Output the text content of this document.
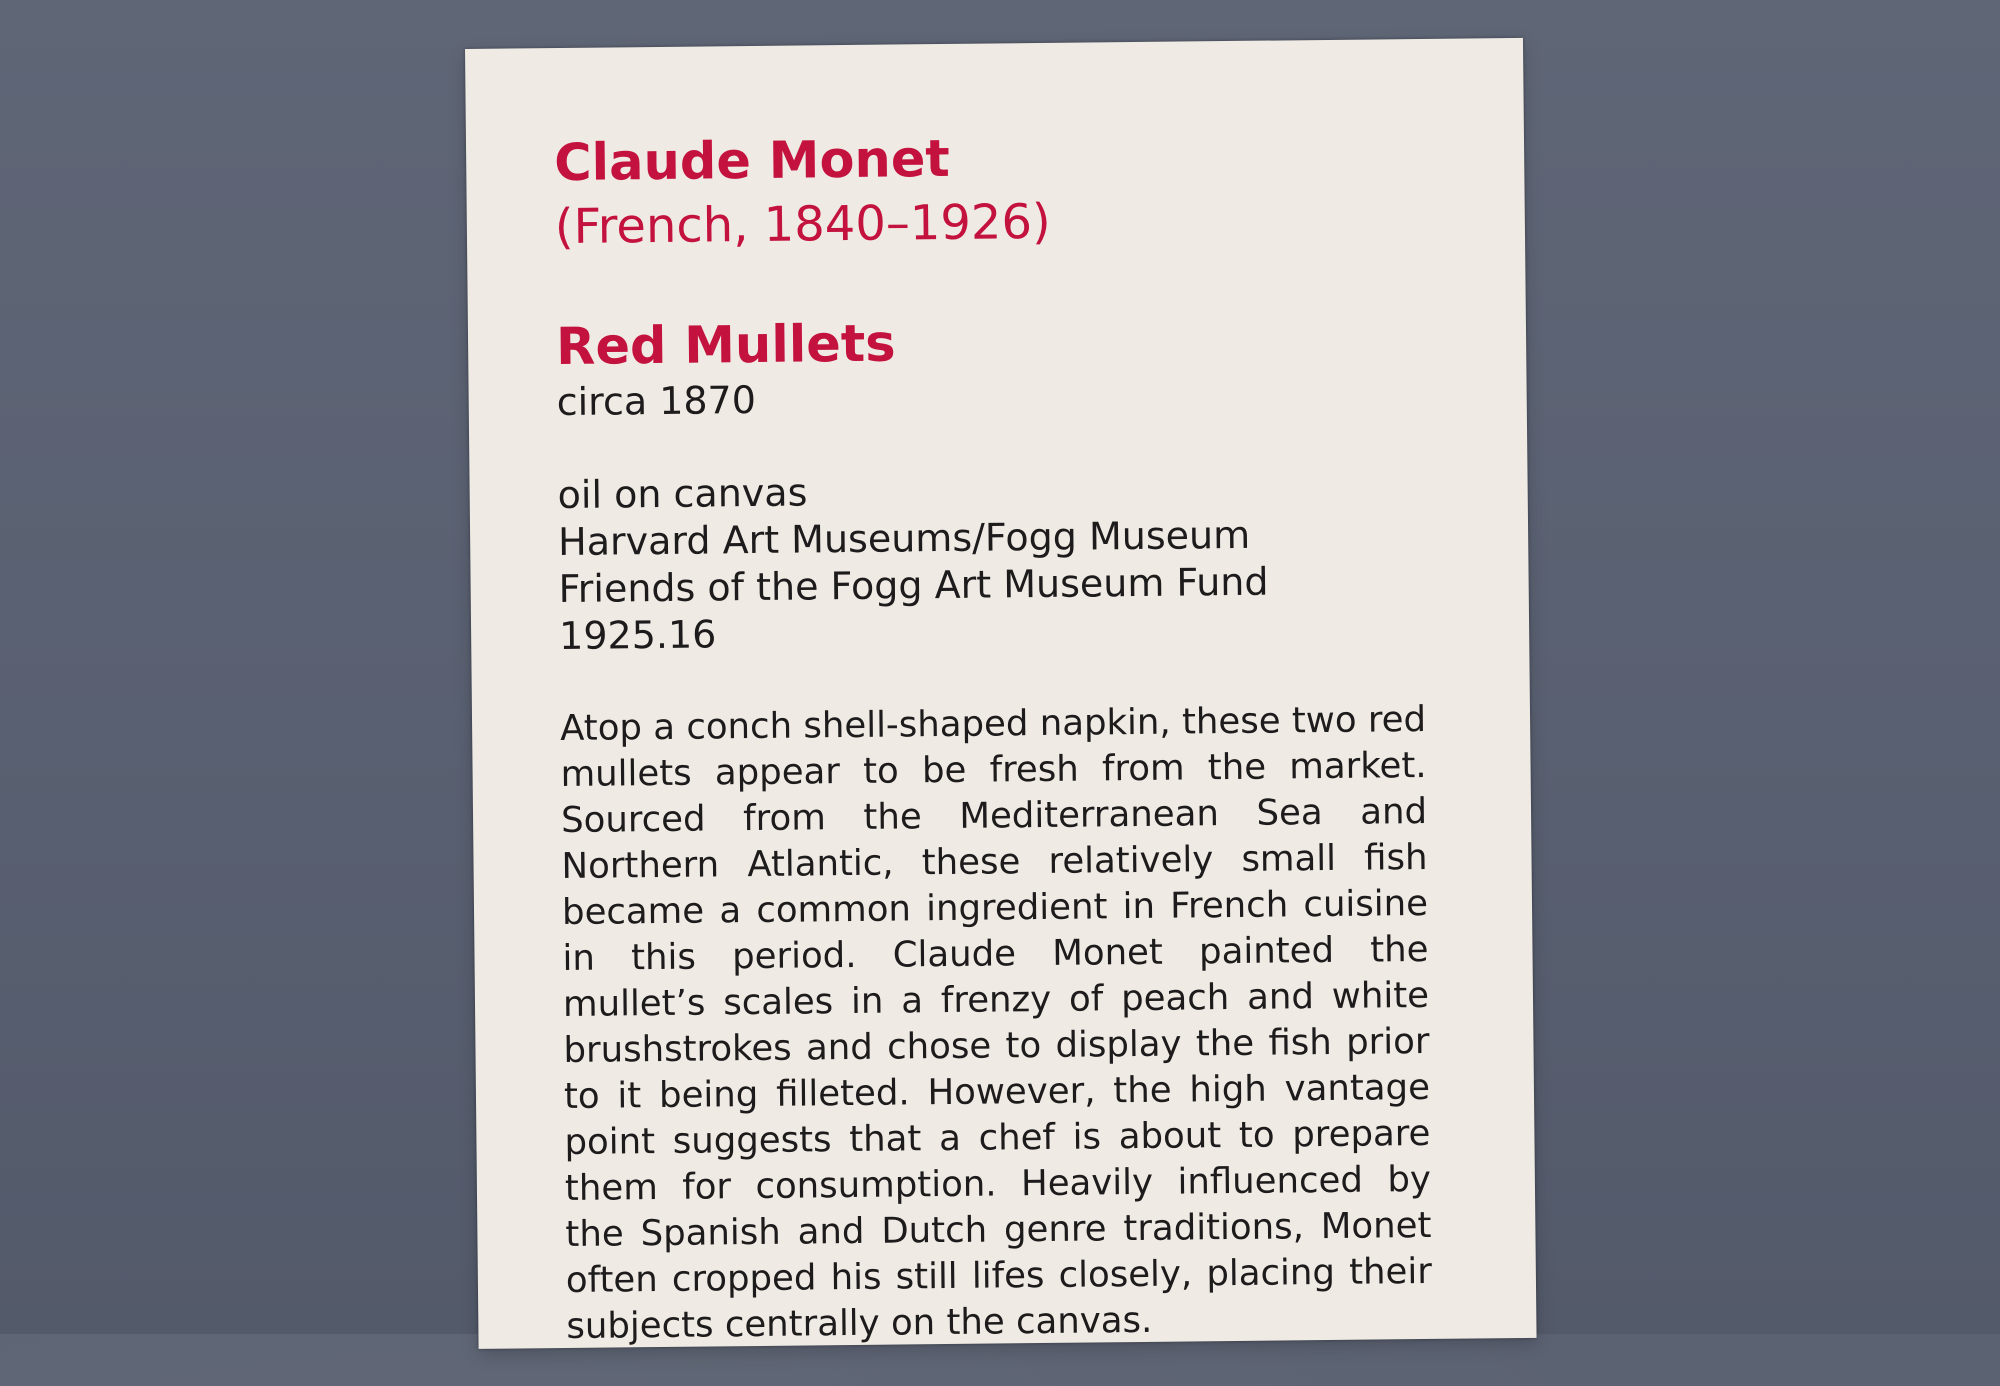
Claude Monet

(French, 1840–1926)

Red Mullets

circa 1870

oil on canvas

Harvard Art Museums/Fogg Museum

Friends of the Fogg Art Museum Fund

1925.16

Atop a conch shell-shaped napkin, these two red mullets appear to be fresh from the market. Sourced from the Mediterranean Sea and Northern Atlantic, these relatively small fish became a common ingredient in French cuisine in this period. Claude Monet painted the mullet’s scales in a frenzy of peach and white brushstrokes and chose to display the fish prior to it being filleted. However, the high vantage point suggests that a chef is about to prepare them for consumption. Heavily influenced by the Spanish and Dutch genre traditions, Monet often cropped his still lifes closely, placing their subjects centrally on the canvas.
